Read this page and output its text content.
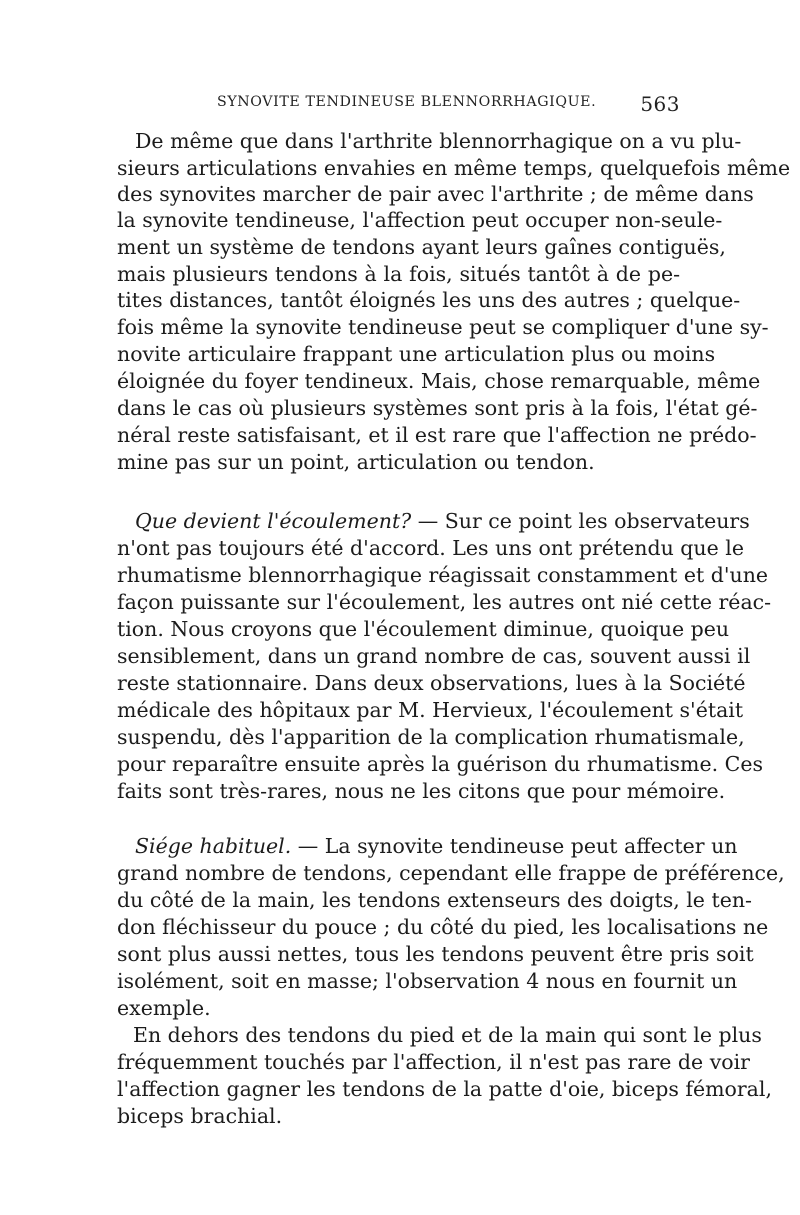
SYNOVITE TENDINEUSE BLENNORRHAGIQUE. 563
De même que dans l'arthrite blennorrhagique on a vu plu-
sieurs articulations envahies en même temps, quelquefois même
des synovites marcher de pair avec l'arthrite ; de même dans
la synovite tendineuse, l'affection peut occuper non-seule-
ment un système de tendons ayant leurs gaînes contiguës,
mais plusieurs tendons à la fois, situés tantôt à de pe-
tites distances, tantôt éloignés les uns des autres ; quelque-
fois même la synovite tendineuse peut se compliquer d'une sy-
novite articulaire frappant une articulation plus ou moins
éloignée du foyer tendineux. Mais, chose remarquable, même
dans le cas où plusieurs systèmes sont pris à la fois, l'état gé-
néral reste satisfaisant, et il est rare que l'affection ne prédo-
mine pas sur un point, articulation ou tendon.
Que devient l'écoulement? — Sur ce point les observateurs
n'ont pas toujours été d'accord. Les uns ont prétendu que le
rhumatisme blennorrhagique réagissait constamment et d'une
façon puissante sur l'écoulement, les autres ont nié cette réac-
tion. Nous croyons que l'écoulement diminue, quoique peu
sensiblement, dans un grand nombre de cas, souvent aussi il
reste stationnaire. Dans deux observations, lues à la Société
médicale des hôpitaux par M. Hervieux, l'écoulement s'était
suspendu, dès l'apparition de la complication rhumatismale,
pour reparaître ensuite après la guérison du rhumatisme. Ces
faits sont très-rares, nous ne les citons que pour mémoire.
Siége habituel. — La synovite tendineuse peut affecter un
grand nombre de tendons, cependant elle frappe de préférence,
du côté de la main, les tendons extenseurs des doigts, le ten-
don fléchisseur du pouce ; du côté du pied, les localisations ne
sont plus aussi nettes, tous les tendons peuvent être pris soit
isolément, soit en masse; l'observation 4 nous en fournit un
exemple.
En dehors des tendons du pied et de la main qui sont le plus
fréquemment touchés par l'affection, il n'est pas rare de voir
l'affection gagner les tendons de la patte d'oie, biceps fémoral,
biceps brachial.
